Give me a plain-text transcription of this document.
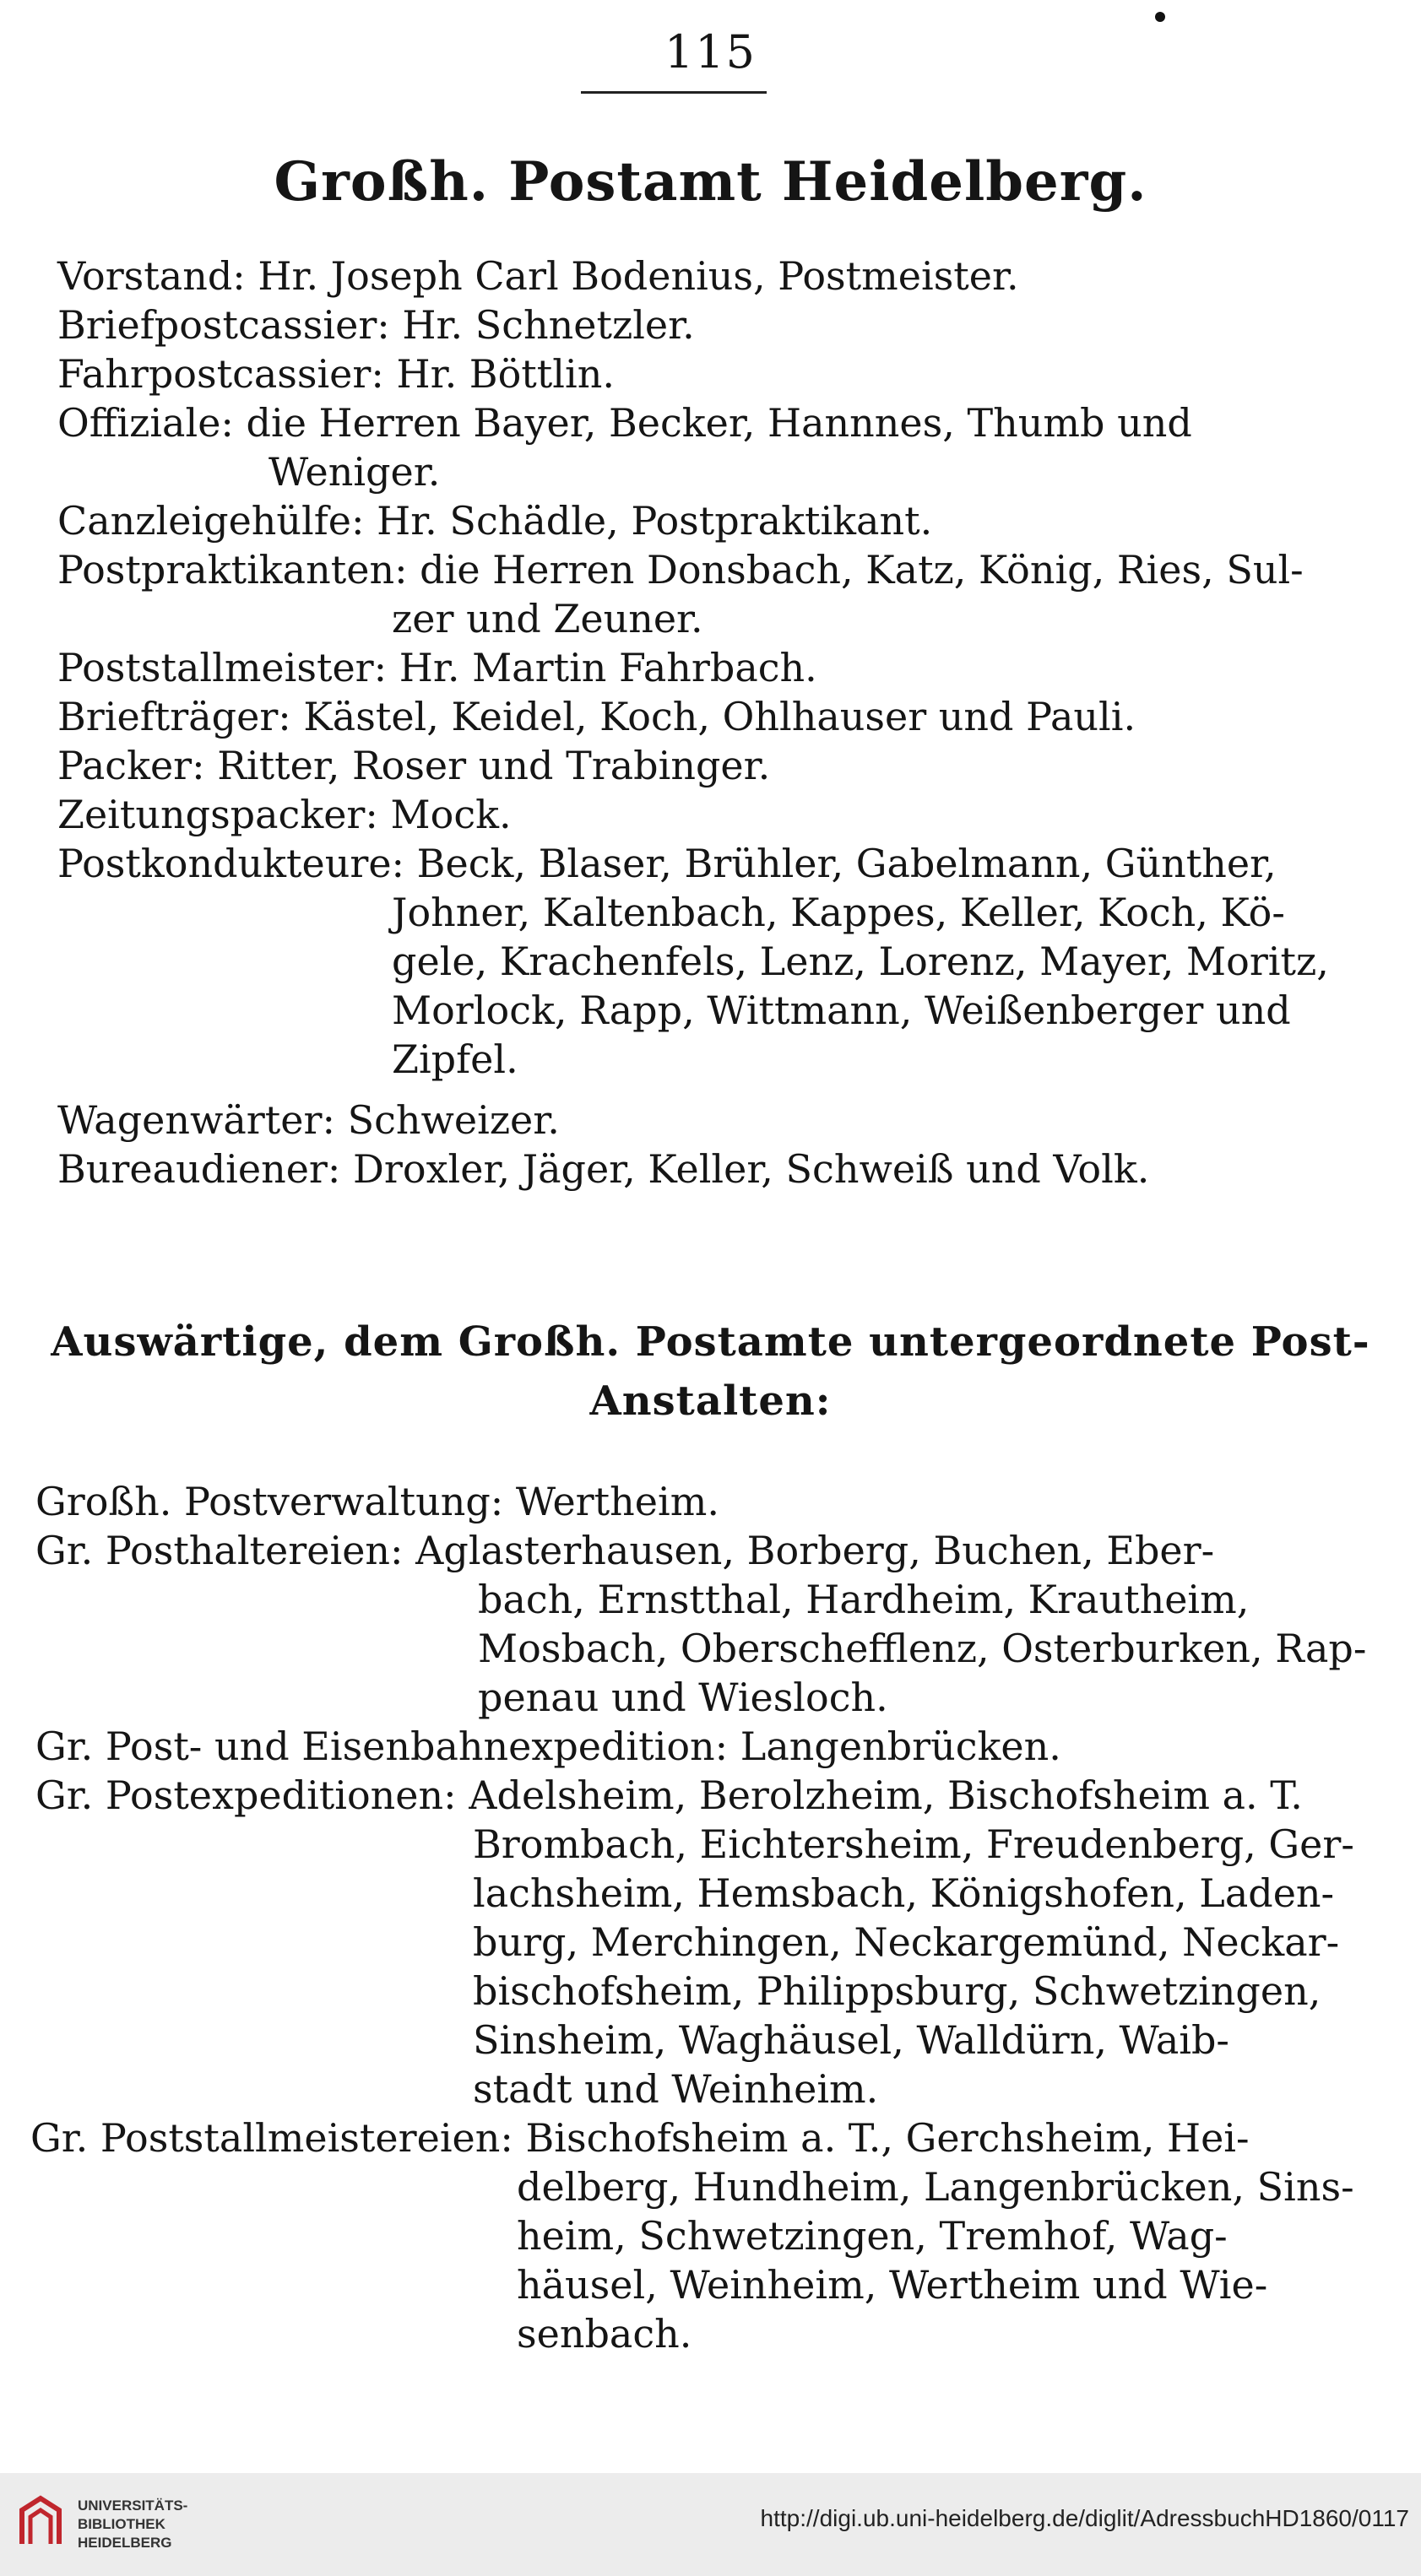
115
Großh. Postamt Heidelberg.
Vorstand: Hr. Joseph Carl Bodenius, Postmeister.
Briefpostcassier: Hr. Schnetzler.
Fahrpostcassier: Hr. Böttlin.
Offiziale: die Herren Bayer, Becker, Hannnes, Thumb und
Weniger.
Canzleigehülfe: Hr. Schädle, Postpraktikant.
Postpraktikanten: die Herren Donsbach, Katz, König, Ries, Sul-
zer und Zeuner.
Poststallmeister: Hr. Martin Fahrbach.
Briefträger: Kästel, Keidel, Koch, Ohlhauser und Pauli.
Packer: Ritter, Roser und Trabinger.
Zeitungspacker: Mock.
Postkondukteure: Beck, Blaser, Brühler, Gabelmann, Günther,
Johner, Kaltenbach, Kappes, Keller, Koch, Kö-
gele, Krachenfels, Lenz, Lorenz, Mayer, Moritz,
Morlock, Rapp, Wittmann, Weißenberger und
Zipfel.
Wagenwärter: Schweizer.
Bureaudiener: Droxler, Jäger, Keller, Schweiß und Volk.
Auswärtige, dem Großh. Postamte untergeordnete Post-
Anstalten:
Großh. Postverwaltung: Wertheim.
Gr. Posthaltereien: Aglasterhausen, Borberg, Buchen, Eber-
bach, Ernstthal, Hardheim, Krautheim,
Mosbach, Oberschefflenz, Osterburken, Rap-
penau und Wiesloch.
Gr. Post- und Eisenbahnexpedition: Langenbrücken.
Gr. Postexpeditionen: Adelsheim, Berolzheim, Bischofsheim a. T.
Brombach, Eichtersheim, Freudenberg, Ger-
lachsheim, Hemsbach, Königshofen, Laden-
burg, Merchingen, Neckargemünd, Neckar-
bischofsheim, Philippsburg, Schwetzingen,
Sinsheim, Waghäusel, Walldürn, Waib-
stadt und Weinheim.
Gr. Poststallmeistereien: Bischofsheim a. T., Gerchsheim, Hei-
delberg, Hundheim, Langenbrücken, Sins-
heim, Schwetzingen, Tremhof, Wag-
häusel, Weinheim, Wertheim und Wie-
senbach.
UNIVERSITÄTS-
BIBLIOTHEK
HEIDELBERG
http://digi.ub.uni-heidelberg.de/diglit/AdressbuchHD1860/0117
